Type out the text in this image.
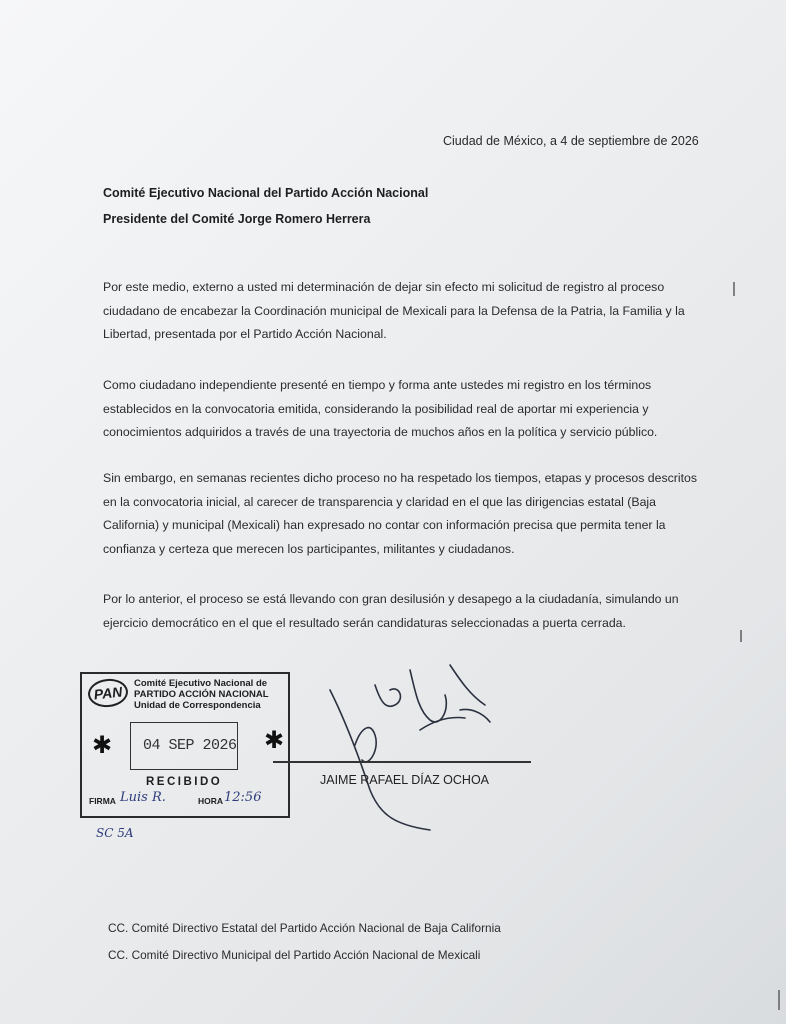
Ciudad de México, a 4 de septiembre de 2026
Comité Ejecutivo Nacional del Partido Acción Nacional
Presidente del Comité Jorge Romero Herrera

Por este medio, externo a usted mi determinación de dejar sin efecto mi solicitud de registro al proceso ciudadano de encabezar la Coordinación municipal de Mexicali para la Defensa de la Patria, la Familia y la Libertad, presentada por el Partido Acción Nacional.

Como ciudadano independiente presenté en tiempo y forma ante ustedes mi registro en los términos establecidos en la convocatoria emitida, considerando la posibilidad real de aportar mi experiencia y conocimientos adquiridos a través de una trayectoria de muchos años en la política y servicio público.

Sin embargo, en semanas recientes dicho proceso no ha respetado los tiempos, etapas y procesos descritos en la convocatoria inicial, al carecer de transparencia y claridad en el que las dirigencias estatal (Baja California) y municipal (Mexicali) han expresado no contar con información precisa que permita tener la confianza y certeza que merecen los participantes, militantes y ciudadanos.

Por lo anterior, el proceso se está llevando con gran desilusión y desapego a la ciudadanía, simulando un ejercicio democrático en el que el resultado serán candidaturas seleccionadas a puerta cerrada.

PAN
Comité Ejecutivo Nacional de
PARTIDO ACCIÓN NACIONAL
Unidad de Correspondencia
✱ 04 SEP 2026 ✱
RECIBIDO
FIRMA Luis R.	HORA 12:56
SC 5A
JAIME RAFAEL DÍAZ OCHOA
CC. Comité Directivo Estatal del Partido Acción Nacional de Baja California
CC. Comité Directivo Municipal del Partido Acción Nacional de Mexicali
